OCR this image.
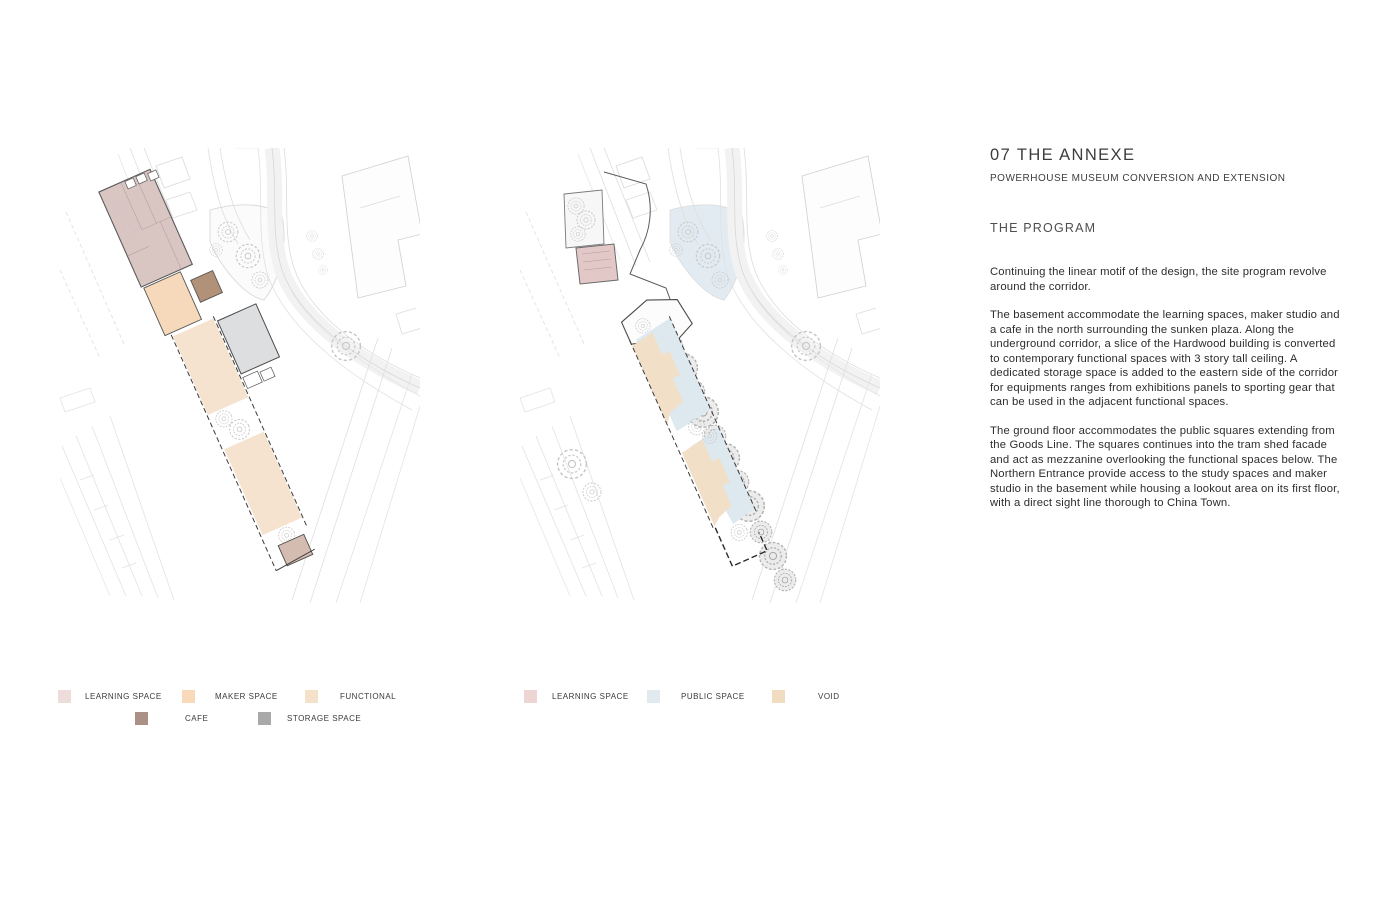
07 THE ANNEXE
POWERHOUSE MUSEUM CONVERSION AND EXTENSION
THE PROGRAM

Continuing the linear motif of the design, the site program revolve around the corridor.

The basement accommodate the learning spaces, maker studio and a cafe in the north surrounding the sunken plaza. Along the underground corridor, a slice of the Hardwood building is converted to contemporary functional spaces with 3 story tall ceiling. A dedicated storage space is added to the eastern side of the corridor for equipments ranges from exhibitions panels to sporting gear that can be used in the adjacent functional spaces.

The ground floor accommodates the public squares extending from the Goods Line. The squares continues into the tram shed facade and act as mezzanine overlooking the functional spaces below. The Northern Entrance provide access to the study spaces and maker studio in the basement while housing a lookout area on its first floor, with a direct sight line thorough to China Town.

LEARNING SPACE	MAKER SPACE	FUNCTIONAL
CAFE	STORAGE SPACE
LEARNING SPACE	PUBLIC SPACE	VOID
